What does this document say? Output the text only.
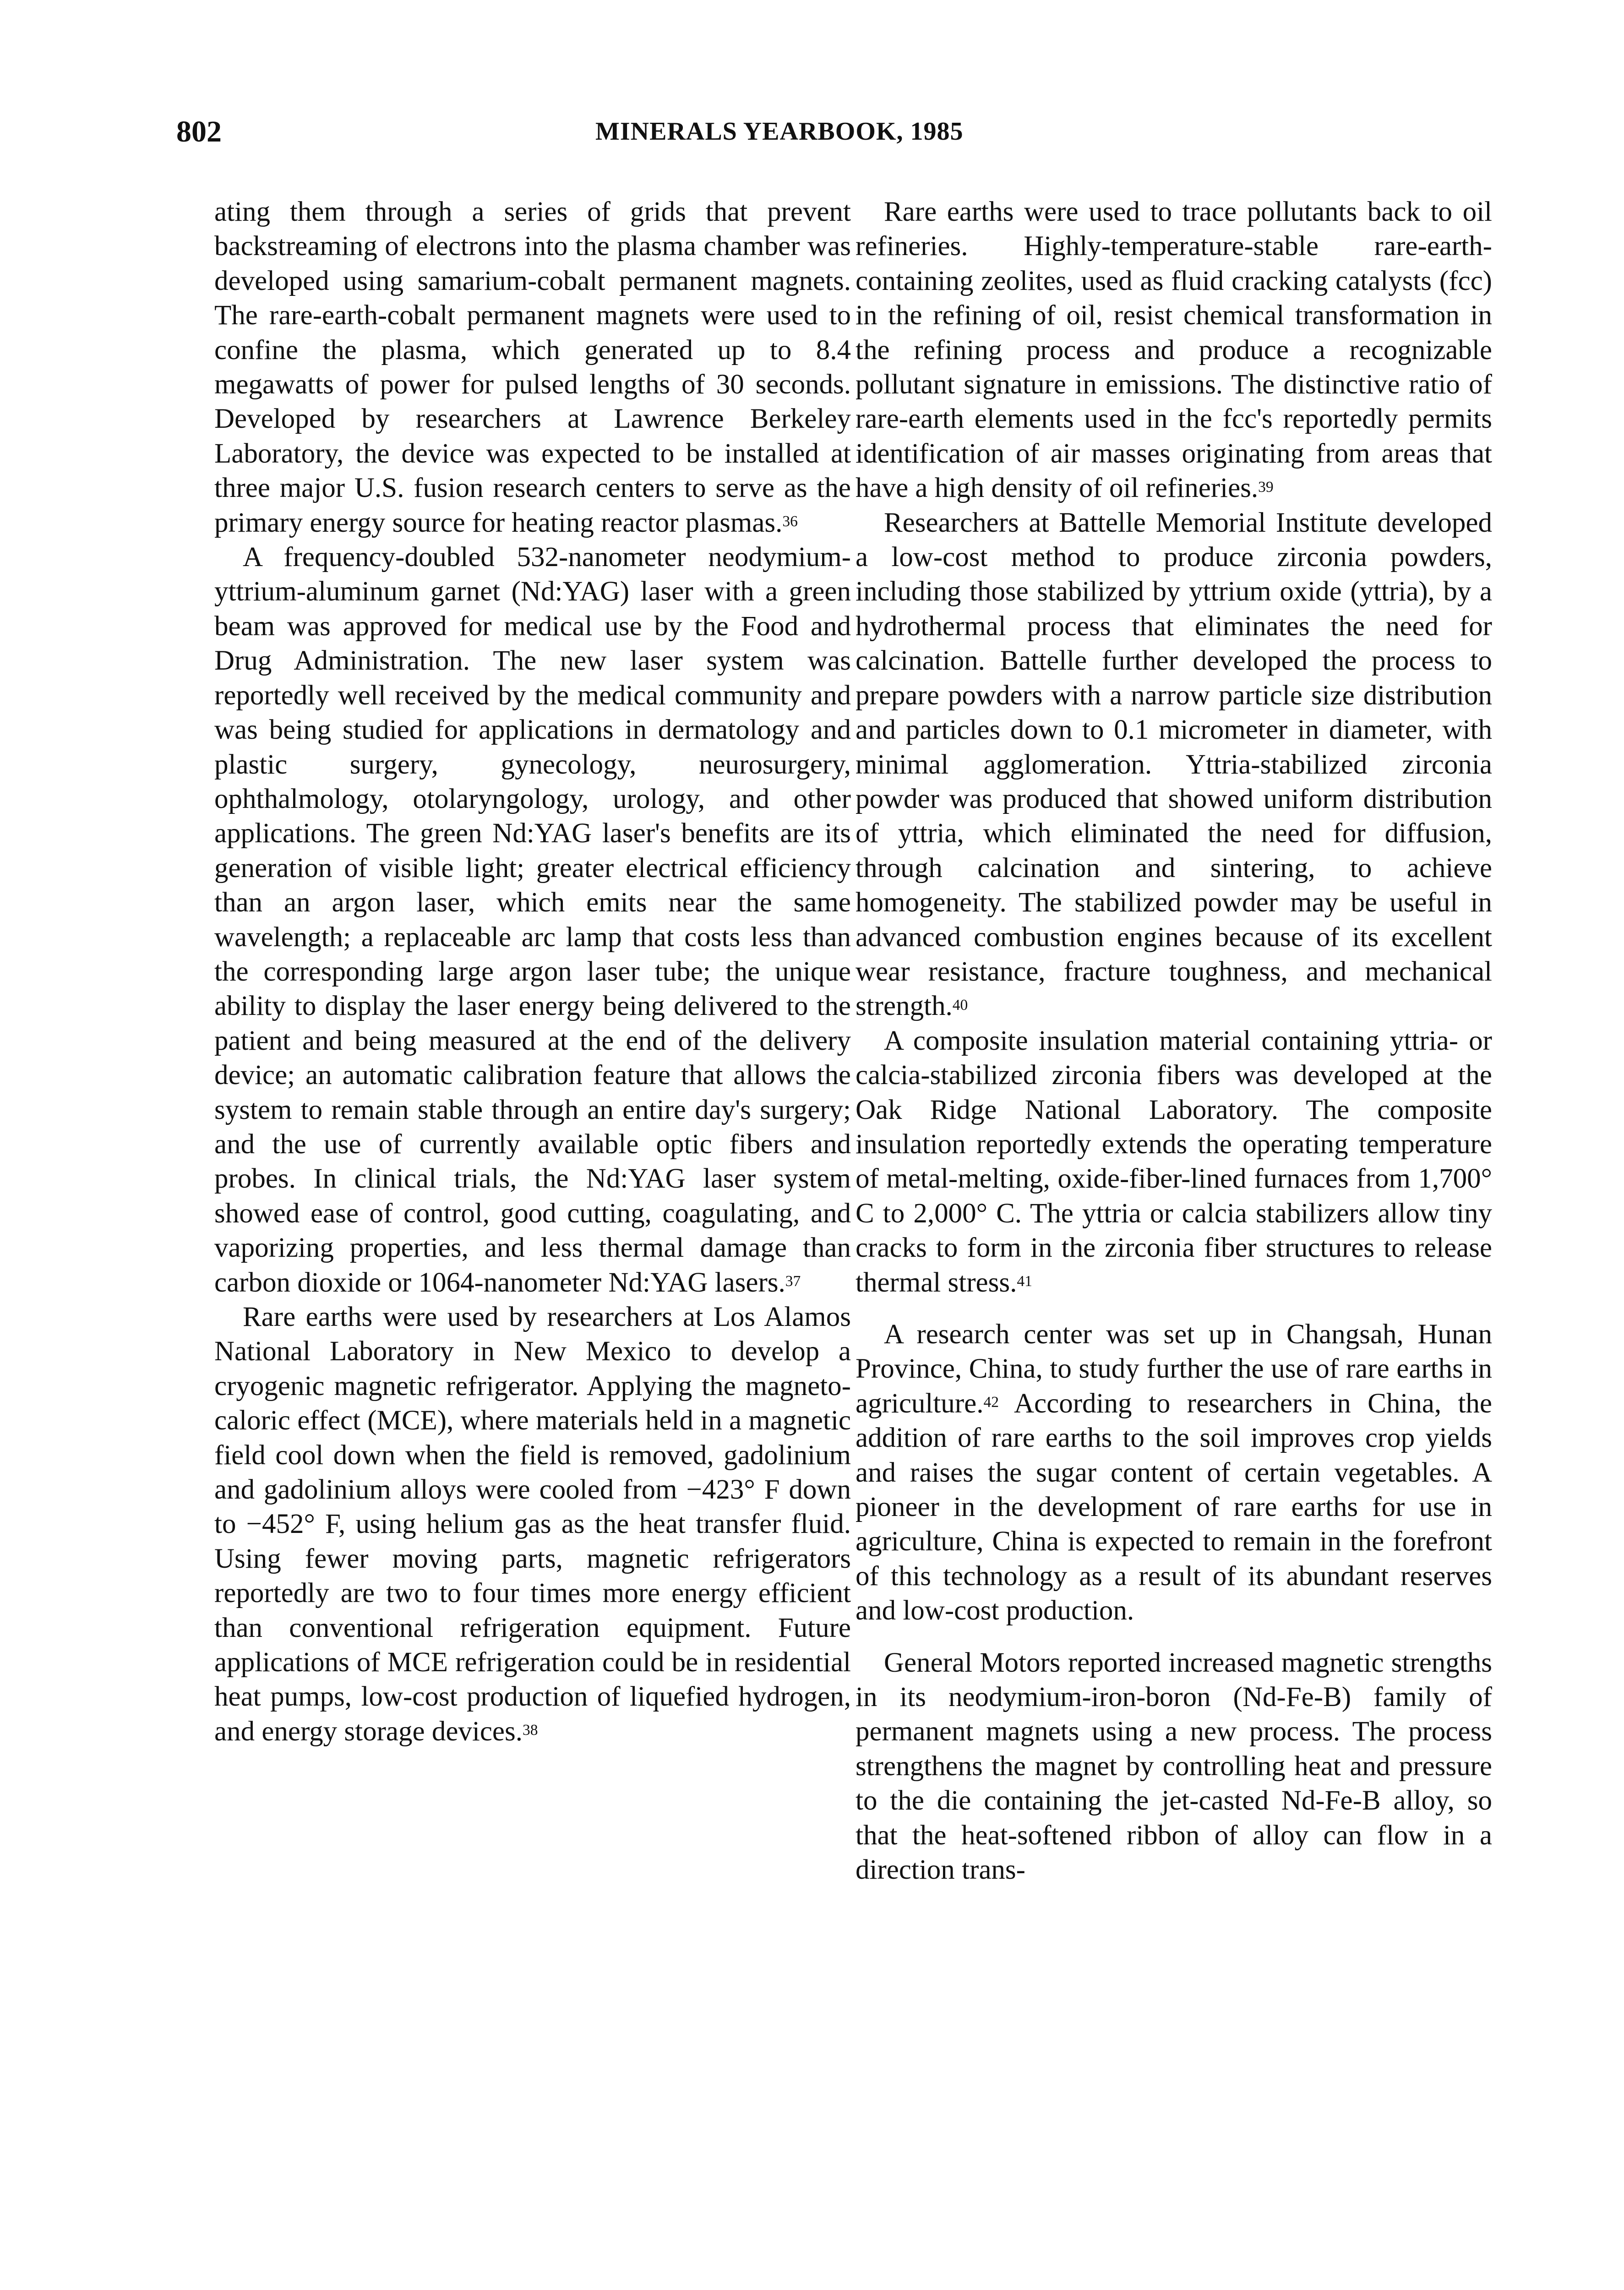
802	MINERALS YEARBOOK, 1985

ating them through a series of grids that prevent backstreaming of electrons into the plasma chamber was developed using samarium-cobalt permanent magnets. The rare-earth-cobalt permanent magnets were used to confine the plasma, which generated up to 8.4 megawatts of power for pulsed lengths of 30 seconds. Developed by researchers at Lawrence Berkeley Laboratory, the device was expected to be installed at three major U.S. fusion research centers to serve as the primary energy source for heating reactor plasmas.$^{36}$

A frequency-doubled 532-nanometer neodymium-yttrium-aluminum garnet (Nd:YAG) laser with a green beam was approved for medical use by the Food and Drug Administration. The new laser system was reportedly well received by the medical community and was being studied for applications in dermatology and plastic surgery, gynecology, neurosurgery, ophthalmology, otolaryngology, urology, and other applications. The green Nd:YAG laser's benefits are its generation of visible light; greater electrical efficiency than an argon laser, which emits near the same wavelength; a replaceable arc lamp that costs less than the corresponding large argon laser tube; the unique ability to display the laser energy being delivered to the patient and being measured at the end of the delivery device; an automatic calibration feature that allows the system to remain stable through an entire day's surgery; and the use of currently available optic fibers and probes. In clinical trials, the Nd:YAG laser system showed ease of control, good cutting, coagulating, and vaporizing properties, and less thermal damage than carbon dioxide or 1064-nanometer Nd:YAG lasers.$^{37}$

Rare earths were used by researchers at Los Alamos National Laboratory in New Mexico to develop a cryogenic magnetic refrigerator. Applying the magneto-caloric effect (MCE), where materials held in a magnetic field cool down when the field is removed, gadolinium and gadolinium alloys were cooled from −423° F down to −452° F, using helium gas as the heat transfer fluid. Using fewer moving parts, magnetic refrigerators reportedly are two to four times more energy efficient than conventional refrigeration equipment. Future applications of MCE refrigeration could be in residential heat pumps, low-cost production of liquefied hydrogen, and energy storage devices.$^{38}$

Rare earths were used to trace pollutants back to oil refineries. Highly-temperature-stable rare-earth-containing zeolites, used as fluid cracking catalysts (fcc) in the refining of oil, resist chemical transformation in the refining process and produce a recognizable pollutant signature in emissions. The distinctive ratio of rare-earth elements used in the fcc's reportedly permits identification of air masses originating from areas that have a high density of oil refineries.$^{39}$

Researchers at Battelle Memorial Institute developed a low-cost method to produce zirconia powders, including those stabilized by yttrium oxide (yttria), by a hydrothermal process that eliminates the need for calcination. Battelle further developed the process to prepare powders with a narrow particle size distribution and particles down to 0.1 micrometer in diameter, with minimal agglomeration. Yttria-stabilized zirconia powder was produced that showed uniform distribution of yttria, which eliminated the need for diffusion, through calcination and sintering, to achieve homogeneity. The stabilized powder may be useful in advanced combustion engines because of its excellent wear resistance, fracture toughness, and mechanical strength.$^{40}$

A composite insulation material containing yttria- or calcia-stabilized zirconia fibers was developed at the Oak Ridge National Laboratory. The composite insulation reportedly extends the operating temperature of metal-melting, oxide-fiber-lined furnaces from 1,700° C to 2,000° C. The yttria or calcia stabilizers allow tiny cracks to form in the zirconia fiber structures to release thermal stress.$^{41}$

A research center was set up in Changsah, Hunan Province, China, to study further the use of rare earths in agriculture.$^{42}$ According to researchers in China, the addition of rare earths to the soil improves crop yields and raises the sugar content of certain vegetables. A pioneer in the development of rare earths for use in agriculture, China is expected to remain in the forefront of this technology as a result of its abundant reserves and low-cost production.

General Motors reported increased magnetic strengths in its neodymium-iron-boron (Nd-Fe-B) family of permanent magnets using a new process. The process strengthens the magnet by controlling heat and pressure to the die containing the jet-casted Nd-Fe-B alloy, so that the heat-softened ribbon of alloy can flow in a direction trans-
